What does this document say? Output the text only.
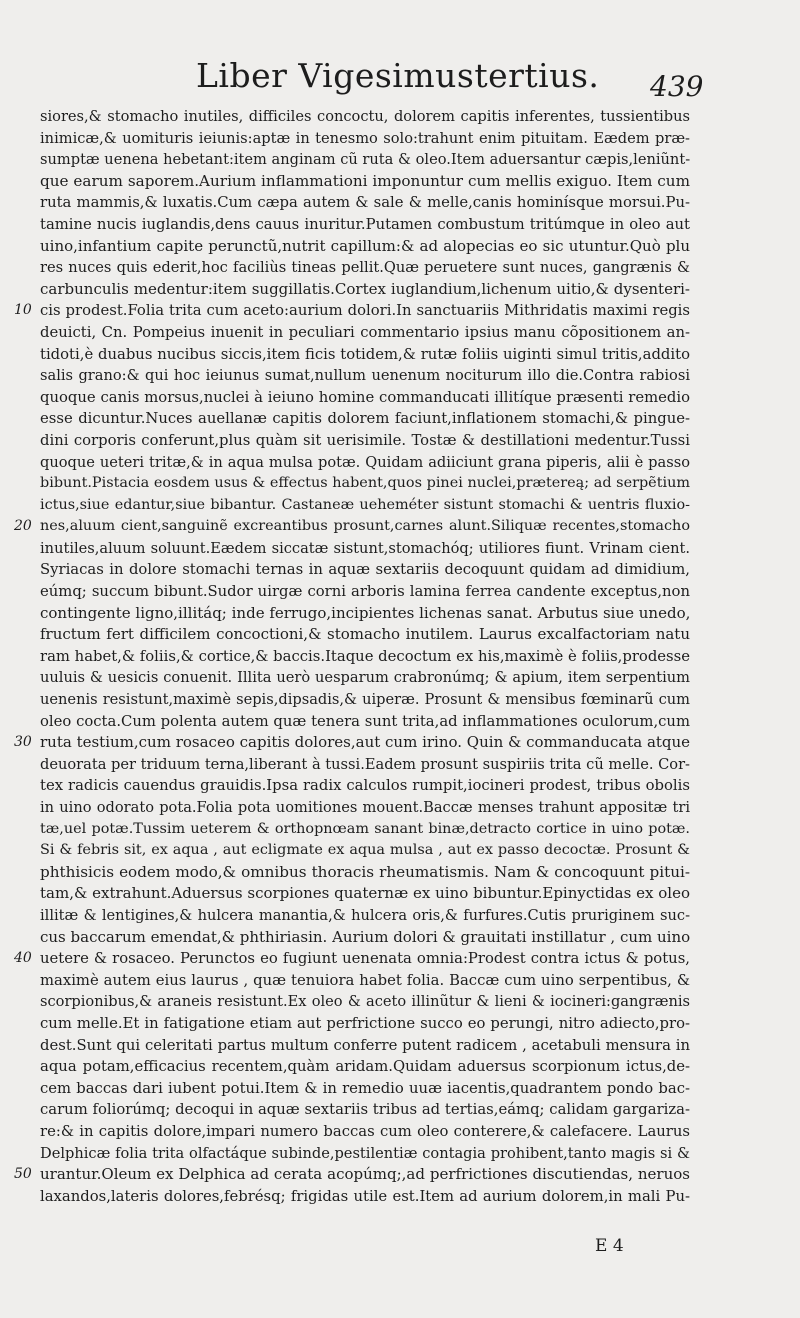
Liber Vigesimustertius. 439
siores,& stomacho inutiles, difficiles concoctu, dolorem capitis inferentes, tussientibus
inimicæ,& uomituris ieiunis:aptæ in tenesmo solo:trahunt enim pituitam. Eædem præ-
sumptæ uenena hebetant:item anginam cũ ruta & oleo.Item aduersantur cæpis,leniũnt-
que earum saporem.Aurium inflammationi imponuntur cum mellis exiguo. Item cum
ruta mammis,& luxatis.Cum cæpa autem & sale & melle,canis hominísque morsui.Pu-
tamine nucis iuglandis,dens cauus inuritur.Putamen combustum tritúmque in oleo aut
uino,infantium capite perunctũ,nutrit capillum:& ad alopecias eo sic utuntur.Quò plu
res nuces quis ederit,hoc faciliùs tineas pellit.Quæ peruetere sunt nuces, gangrænis &
carbunculis medentur:item suggillatis.Cortex iuglandium,lichenum uitio,& dysenteri-
10 cis prodest.Folia trita cum aceto:aurium dolori.In sanctuariis Mithridatis maximi regis
deuicti, Cn. Pompeius inuenit in peculiari commentario ipsius manu cõpositionem an-
tidoti,è duabus nucibus siccis,item ficis totidem,& rutæ foliis uiginti simul tritis,addito
salis grano:& qui hoc ieiunus sumat,nullum uenenum nociturum illo die.Contra rabiosi
quoque canis morsus,nuclei à ieiuno homine commanducati illitíque præsenti remedio
esse dicuntur.Nuces auellanæ capitis dolorem faciunt,inflationem stomachi,& pingue-
dini corporis conferunt,plus quàm sit uerisimile. Tostæ & destillationi medentur.Tussi
quoque ueteri tritæ,& in aqua mulsa potæ. Quidam adiiciunt grana piperis, alii è passo
bibunt.Pistacia eosdem usus & effectus habent,quos pinei nuclei,prætereą; ad serpẽtium
ictus,siue edantur,siue bibantur. Castaneæ ueheméter sistunt stomachi & uentris fluxio-
20 nes,aluum cient,sanguinẽ excreantibus prosunt,carnes alunt.Siliquæ recentes,stomacho
inutiles,aluum soluunt.Eædem siccatæ sistunt,stomachóq; utiliores fiunt. Vrinam cient.
Syriacas in dolore stomachi ternas in aquæ sextariis decoquunt quidam ad dimidium,
eúmq; succum bibunt.Sudor uirgæ corni arboris lamina ferrea candente exceptus,non
contingente ligno,illitáq; inde ferrugo,incipientes lichenas sanat. Arbutus siue unedo,
fructum fert difficilem concoctioni,& stomacho inutilem. Laurus excalfactoriam natu
ram habet,& foliis,& cortice,& baccis.Itaque decoctum ex his,maximè è foliis,prodesse
uuluis & uesicis conuenit. Illita uerò uesparum crabronúmq; & apium, item serpentium
uenenis resistunt,maximè sepis,dipsadis,& uiperæ. Prosunt & mensibus fœminarũ cum
oleo cocta.Cum polenta autem quæ tenera sunt trita,ad inflammationes oculorum,cum
30 ruta testium,cum rosaceo capitis dolores,aut cum irino. Quin & commanducata atque
deuorata per triduum terna,liberant à tussi.Eadem prosunt suspiriis trita cũ melle. Cor-
tex radicis cauendus grauidis.Ipsa radix calculos rumpit,iocineri prodest, tribus obolis
in uino odorato pota.Folia pota uomitiones mouent.Baccæ menses trahunt appositæ tri
tæ,uel potæ.Tussim ueterem & orthopnœam sanant binæ,detracto cortice in uino potæ.
Si & febris sit, ex aqua , aut ecligmate ex aqua mulsa , aut ex passo decoctæ. Prosunt &
phthisicis eodem modo,& omnibus thoracis rheumatismis. Nam & concoquunt pitui-
tam,& extrahunt.Aduersus scorpiones quaternæ ex uino bibuntur.Epinyctidas ex oleo
illitæ & lentigines,& hulcera manantia,& hulcera oris,& furfures.Cutis pruriginem suc-
cus baccarum emendat,& phthiriasin. Aurium dolori & grauitati instillatur , cum uino
40 uetere & rosaceo. Perunctos eo fugiunt uenenata omnia:Prodest contra ictus & potus,
maximè autem eius laurus , quæ tenuiora habet folia. Baccæ cum uino serpentibus, &
scorpionibus,& araneis resistunt.Ex oleo & aceto illinũtur & lieni & iocineri:gangrænis
cum melle.Et in fatigatione etiam aut perfrictione succo eo perungi, nitro adiecto,pro-
dest.Sunt qui celeritati partus multum conferre putent radicem , acetabuli mensura in
aqua potam,efficacius recentem,quàm aridam.Quidam aduersus scorpionum ictus,de-
cem baccas dari iubent potui.Item & in remedio uuæ iacentis,quadrantem pondo bac-
carum foliorúmq; decoqui in aquæ sextariis tribus ad tertias,eámq; calidam gargariza-
re:& in capitis dolore,impari numero baccas cum oleo conterere,& calefacere. Laurus
Delphicæ folia trita olfactáque subinde,pestilentiæ contagia prohibent,tanto magis si &
50 urantur.Oleum ex Delphica ad cerata acopúmq;,ad perfrictiones discutiendas, neruos
laxandos,lateris dolores,febrésq; frigidas utile est.Item ad aurium dolorem,in mali Pu-
E 4
